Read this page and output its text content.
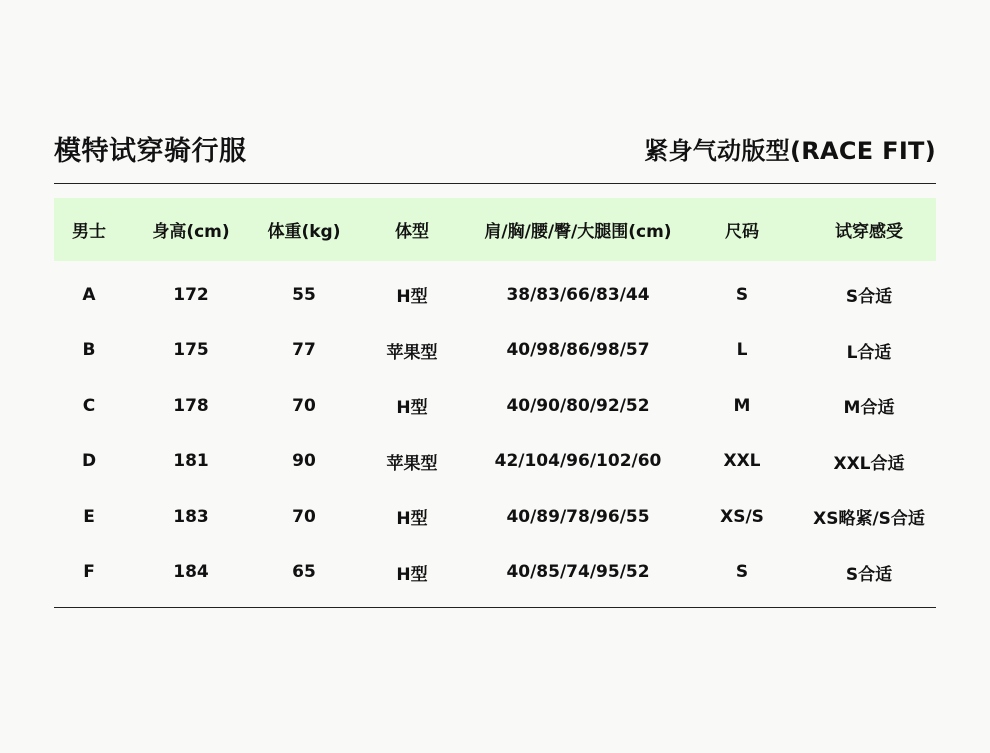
模特试穿骑行服	紧身气动版型(RACE FIT)
男士	身高(cm)	体重(kg)	体型	肩/胸/腰/臀/大腿围(cm)	尺码	试穿感受
A	172	55	H型	38/83/66/83/44	S	S合适
B	175	77	苹果型	40/98/86/98/57	L	L合适
C	178	70	H型	40/90/80/92/52	M	M合适
D	181	90	苹果型	42/104/96/102/60	XXL	XXL合适
E	183	70	H型	40/89/78/96/55	XS/S	XS略紧/S合适
F	184	65	H型	40/85/74/95/52	S	S合适
